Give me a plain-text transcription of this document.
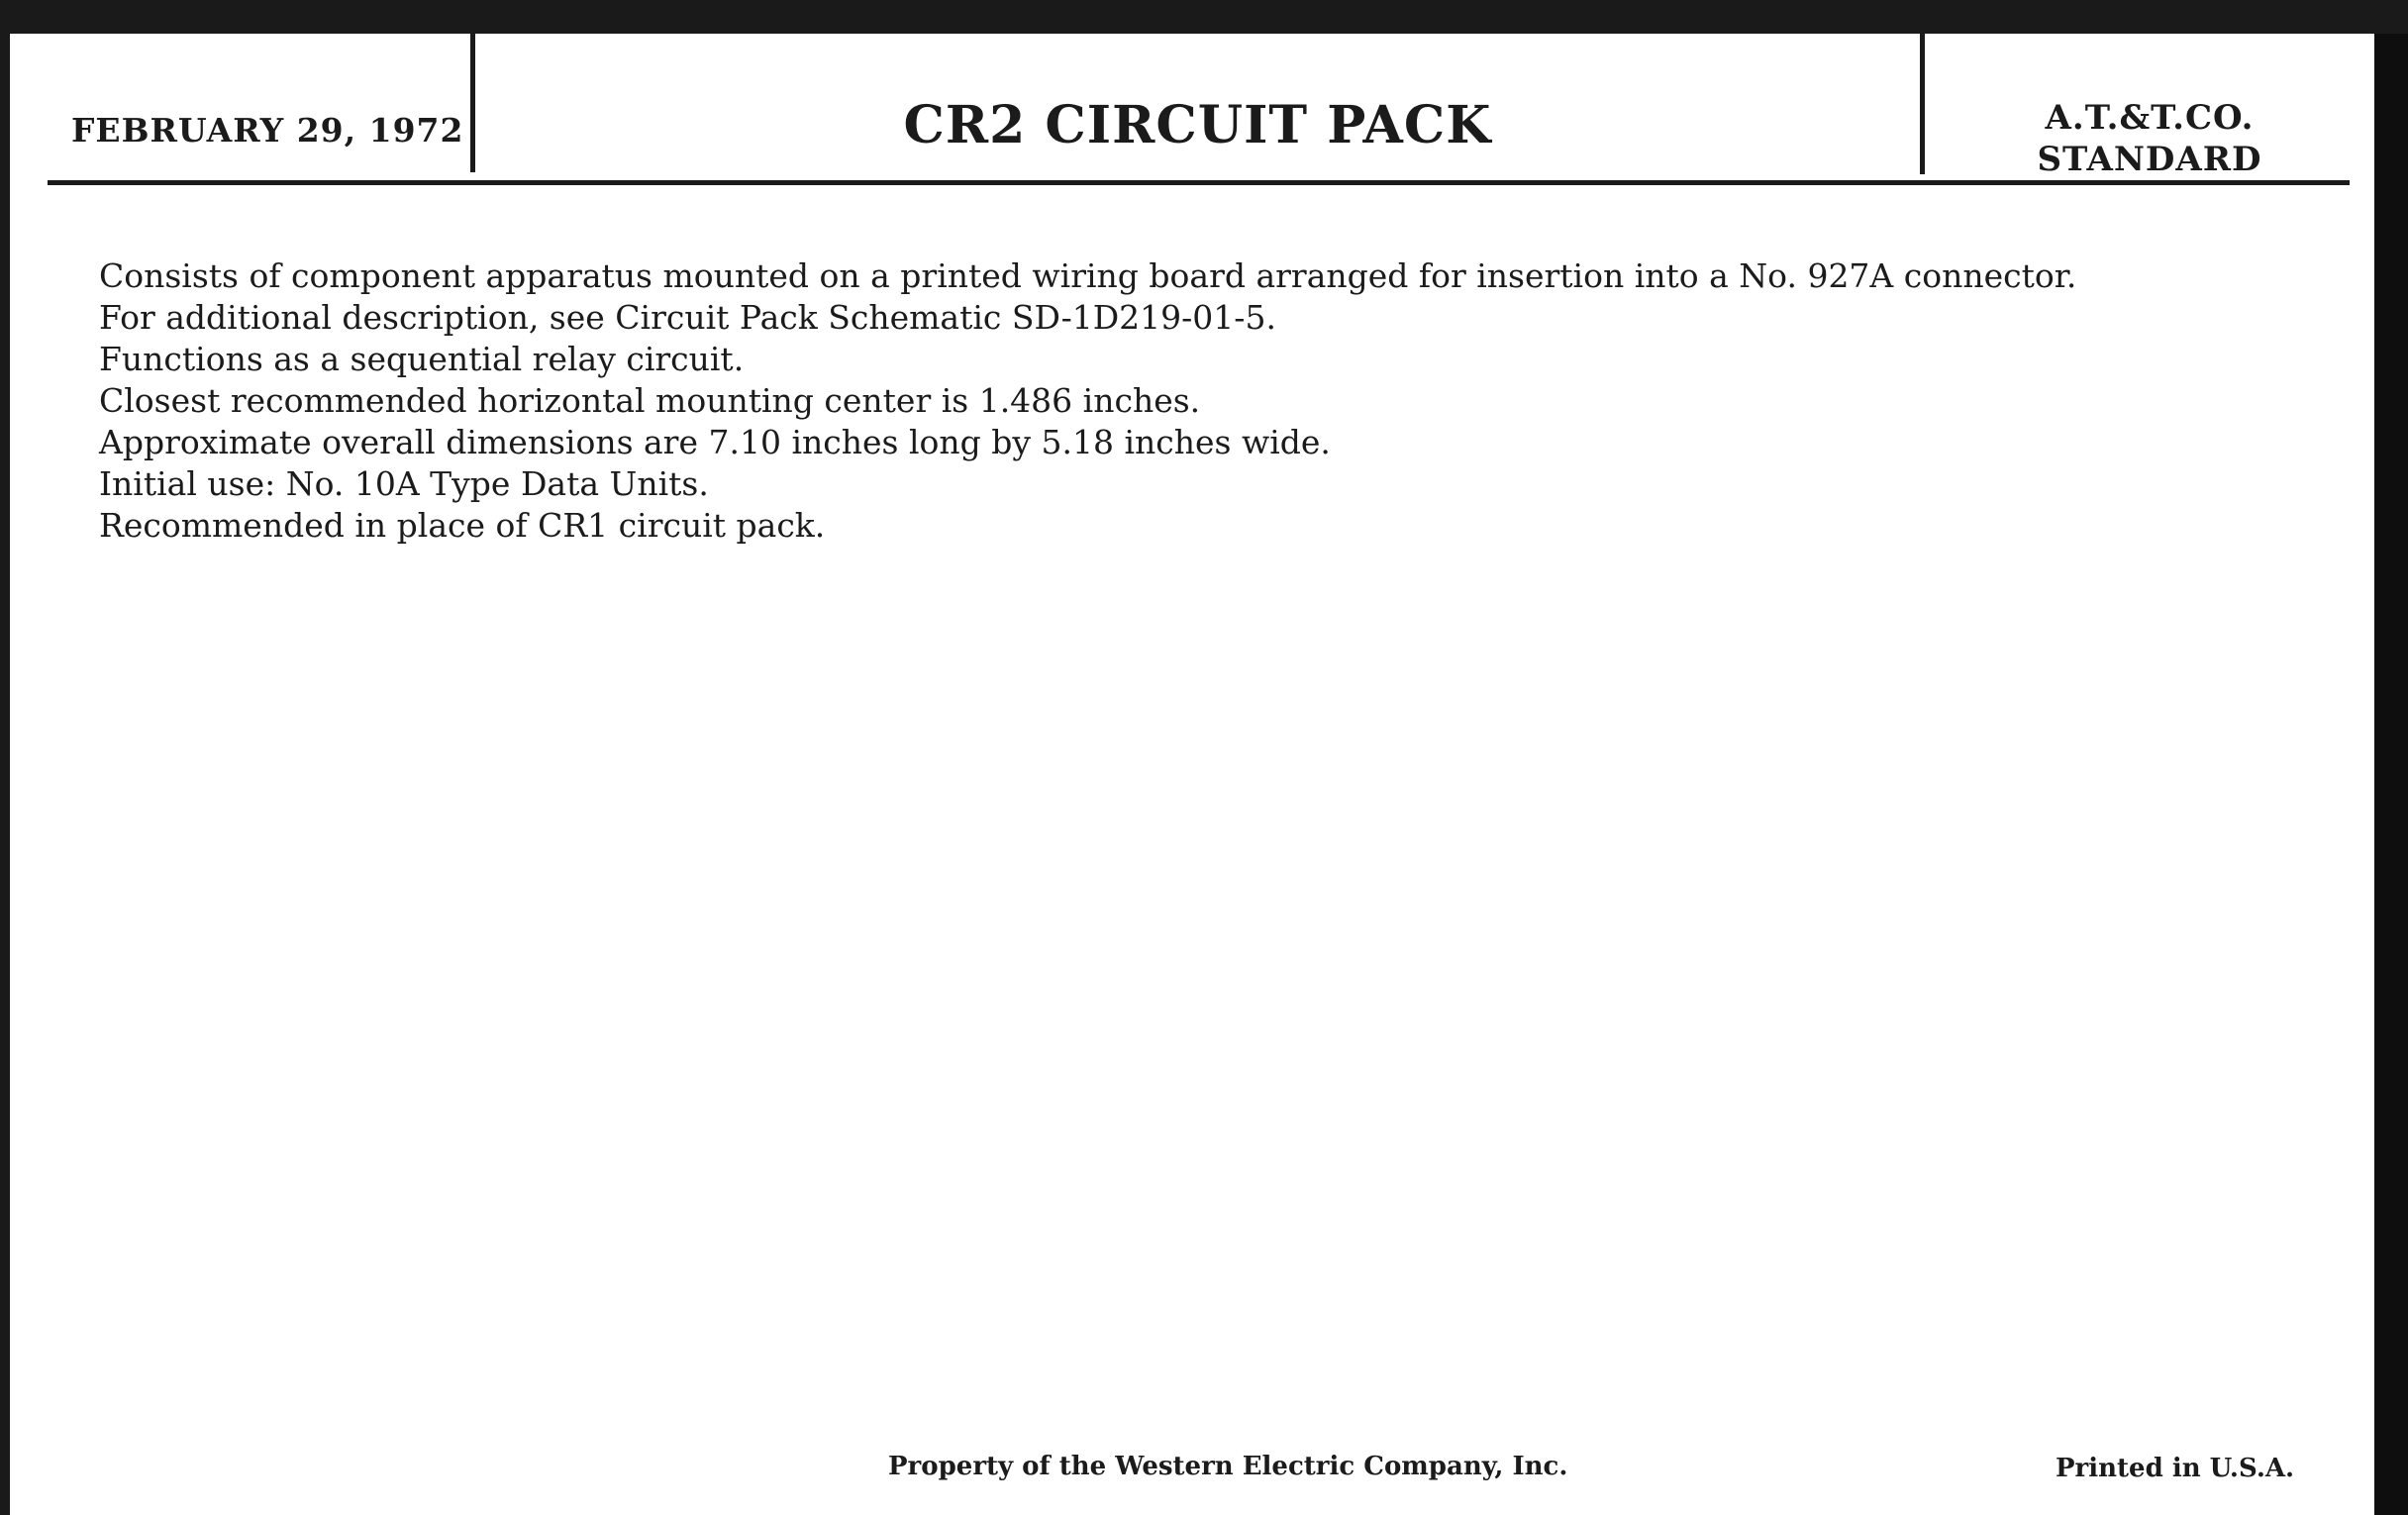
FEBRUARY 29, 1972	CR2 CIRCUIT PACK	A.T.&T.CO.
STANDARD
Consists of component apparatus mounted on a printed wiring board arranged for insertion into a No. 927A connector.
For additional description, see Circuit Pack Schematic SD-1D219-01-5.
Functions as a sequential relay circuit.
Closest recommended horizontal mounting center is 1.486 inches.
Approximate overall dimensions are 7.10 inches long by 5.18 inches wide.
Initial use: No. 10A Type Data Units.
Recommended in place of CR1 circuit pack.
Property of the Western Electric Company, Inc.	Printed in U.S.A.
